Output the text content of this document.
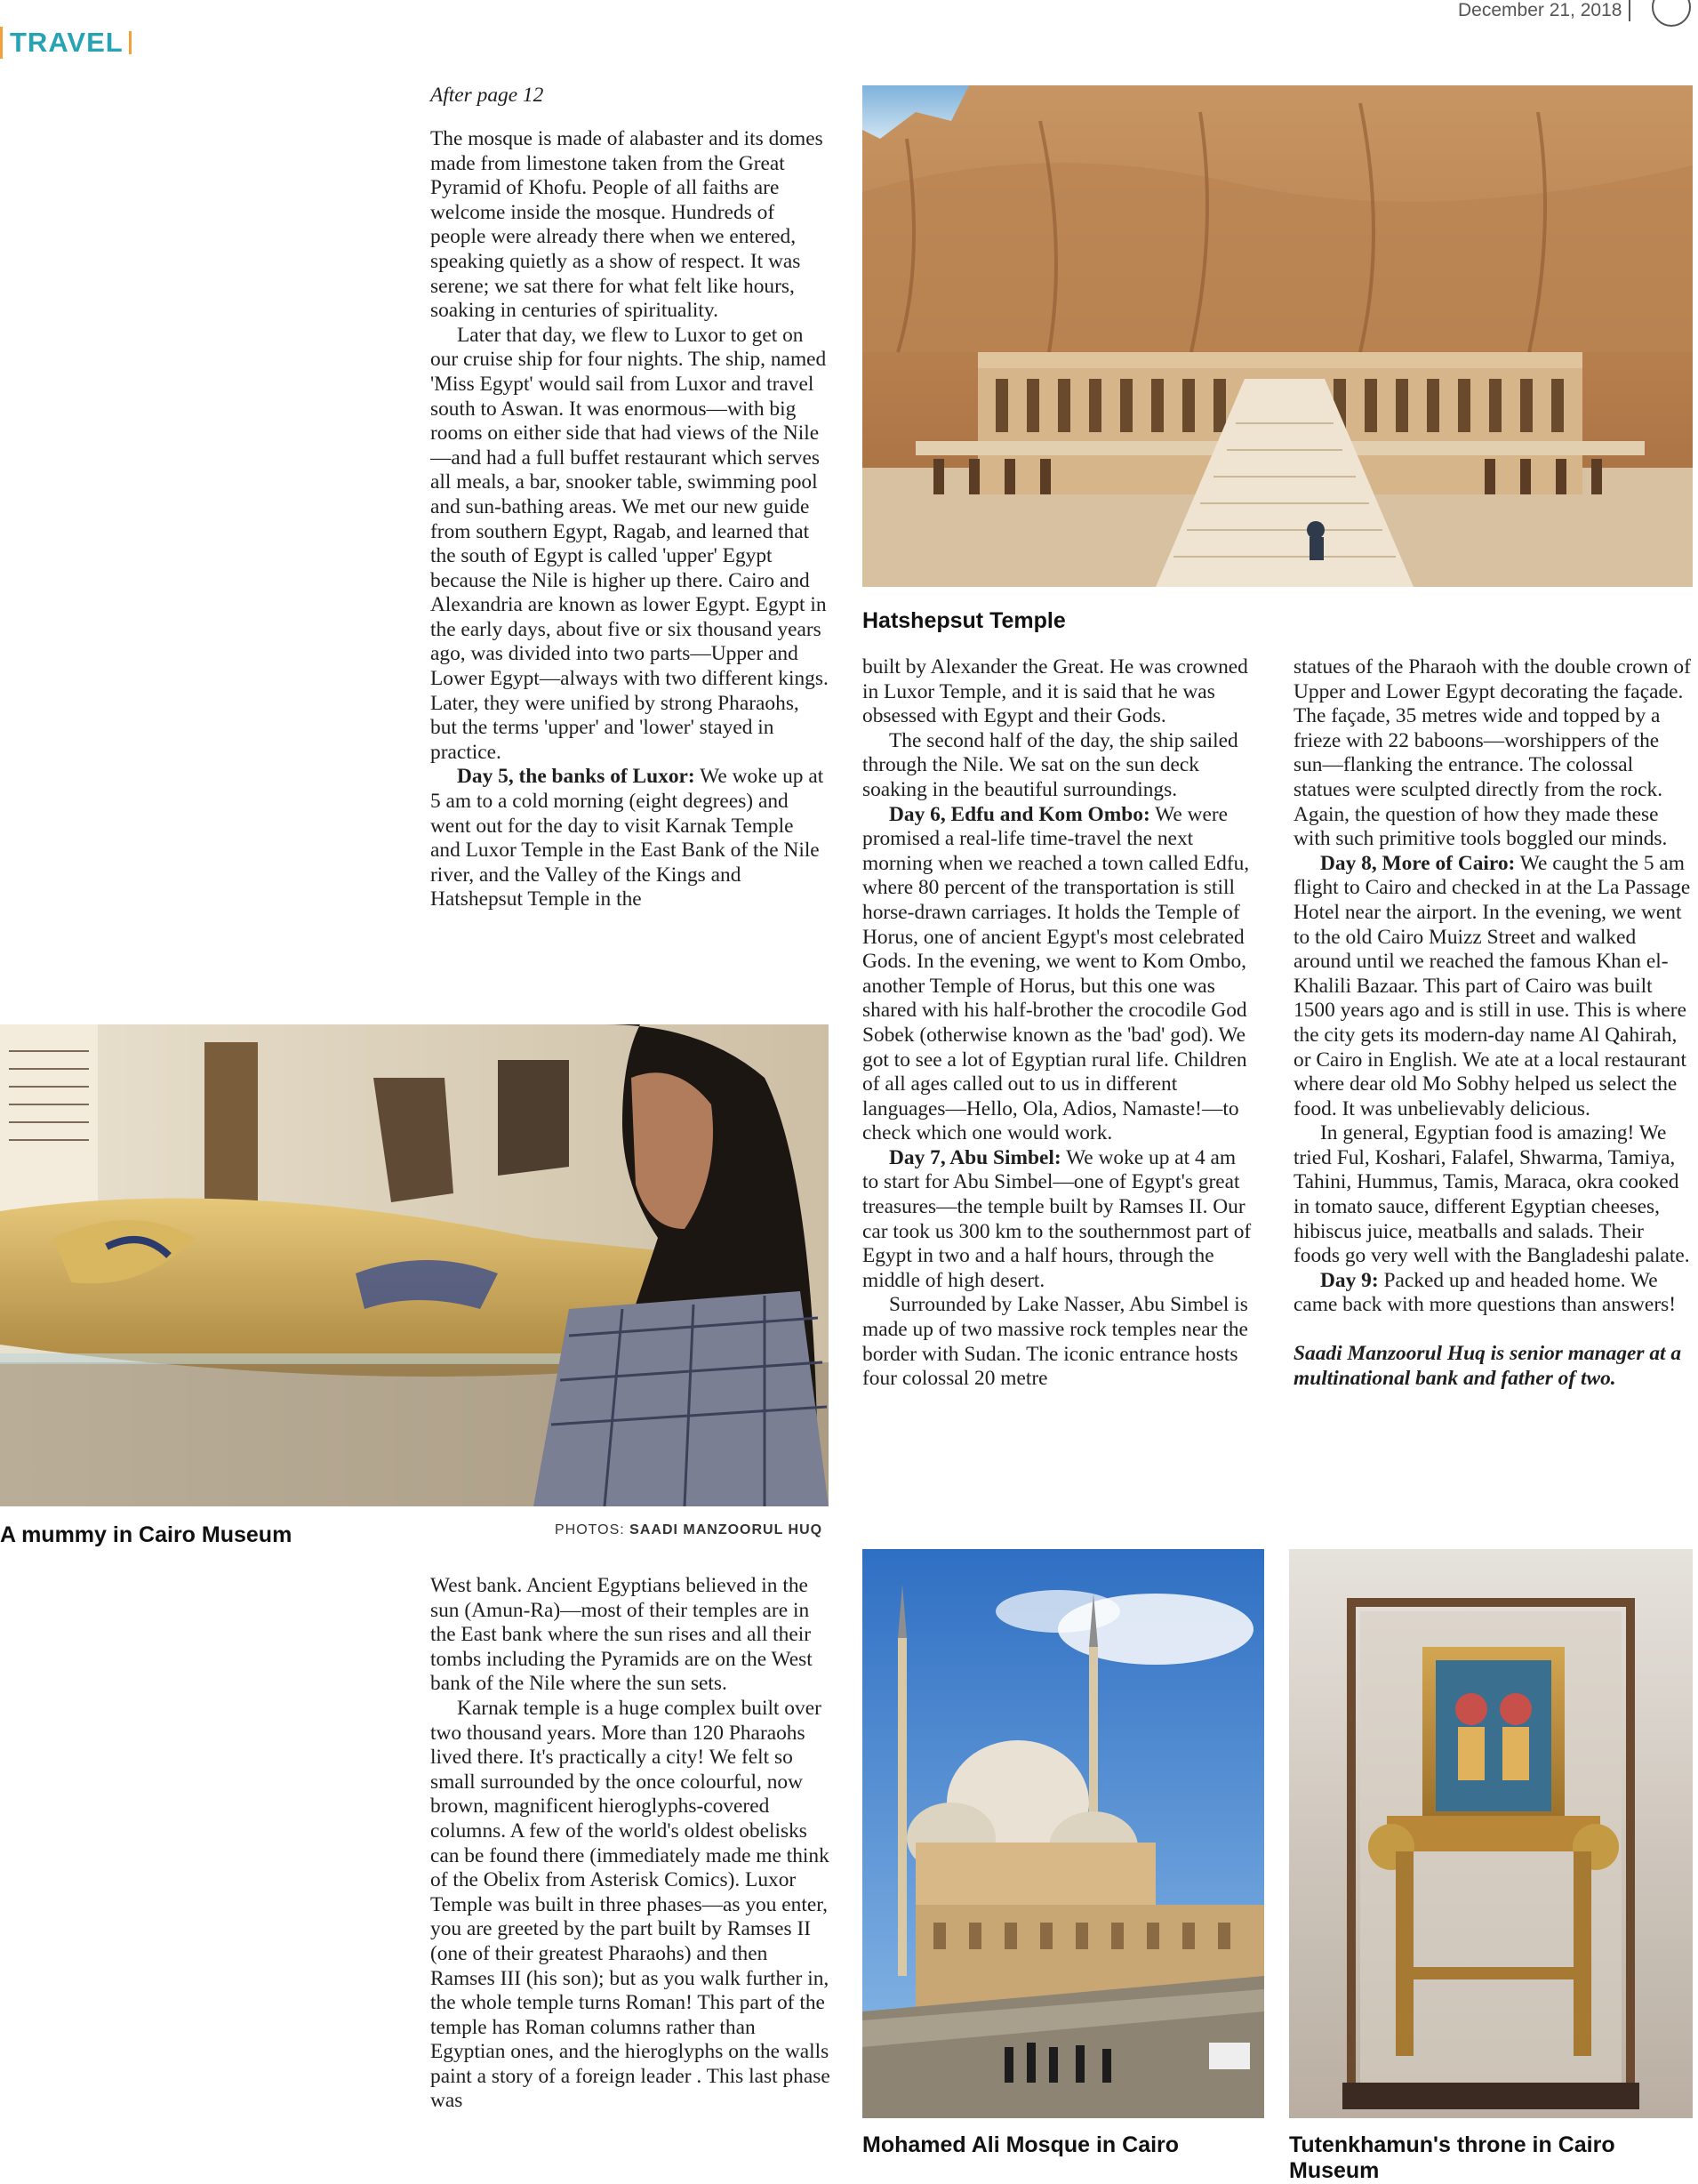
TRAVEL
December 21, 2018
After page 12

The mosque is made of alabaster and its domes made from limestone taken from the Great Pyramid of Khofu. People of all faiths are welcome inside the mosque. Hundreds of people were already there when we entered, speaking quietly as a show of respect. It was serene; we sat there for what felt like hours, soaking in centuries of spirituality.

Later that day, we flew to Luxor to get on our cruise ship for four nights. The ship, named 'Miss Egypt' would sail from Luxor and travel south to Aswan. It was enormous—with big rooms on either side that had views of the Nile—and had a full buffet restaurant which serves all meals, a bar, snooker table, swimming pool and sun-bathing areas. We met our new guide from southern Egypt, Ragab, and learned that the south of Egypt is called 'upper' Egypt because the Nile is higher up there. Cairo and Alexandria are known as lower Egypt. Egypt in the early days, about five or six thousand years ago, was divided into two parts—Upper and Lower Egypt—always with two different kings. Later, they were unified by strong Pharaohs, but the terms 'upper' and 'lower' stayed in practice.

Day 5, the banks of Luxor: We woke up at 5 am to a cold morning (eight degrees) and went out for the day to visit Karnak Temple and Luxor Temple in the East Bank of the Nile river, and the Valley of the Kings and Hatshepsut Temple in the

Hatshepsut Temple

built by Alexander the Great. He was crowned in Luxor Temple, and it is said that he was obsessed with Egypt and their Gods.

The second half of the day, the ship sailed through the Nile. We sat on the sun deck soaking in the beautiful surroundings.

Day 6, Edfu and Kom Ombo: We were promised a real-life time-travel the next morning when we reached a town called Edfu, where 80 percent of the transportation is still horse-drawn carriages. It holds the Temple of Horus, one of ancient Egypt's most celebrated Gods. In the evening, we went to Kom Ombo, another Temple of Horus, but this one was shared with his half-brother the crocodile God Sobek (otherwise known as the 'bad' god). We got to see a lot of Egyptian rural life. Children of all ages called out to us in different languages—Hello, Ola, Adios, Namaste!—to check which one would work.

Day 7, Abu Simbel: We woke up at 4 am to start for Abu Simbel—one of Egypt's great treasures—the temple built by Ramses II. Our car took us 300 km to the southernmost part of Egypt in two and a half hours, through the middle of high desert.

Surrounded by Lake Nasser, Abu Simbel is made up of two massive rock temples near the border with Sudan. The iconic entrance hosts four colossal 20 metre

statues of the Pharaoh with the double crown of Upper and Lower Egypt decorating the façade. The façade, 35 metres wide and topped by a frieze with 22 baboons—worshippers of the sun—flanking the entrance. The colossal statues were sculpted directly from the rock. Again, the question of how they made these with such primitive tools boggled our minds.

Day 8, More of Cairo: We caught the 5 am flight to Cairo and checked in at the La Passage Hotel near the airport. In the evening, we went to the old Cairo Muizz Street and walked around until we reached the famous Khan el-Khalili Bazaar. This part of Cairo was built 1500 years ago and is still in use. This is where the city gets its modern-day name Al Qahirah, or Cairo in English. We ate at a local restaurant where dear old Mo Sobhy helped us select the food. It was unbelievably delicious.

In general, Egyptian food is amazing! We tried Ful, Koshari, Falafel, Shwarma, Tamiya, Tahini, Hummus, Tamis, Maraca, okra cooked in tomato sauce, different Egyptian cheeses, hibiscus juice, meatballs and salads. Their foods go very well with the Bangladeshi palate.

Day 9: Packed up and headed home. We came back with more questions than answers!

Saadi Manzoorul Huq is senior manager at a multinational bank and father of two.

A mummy in Cairo Museum	PHOTOS: SAADI MANZOORUL HUQ

West bank. Ancient Egyptians believed in the sun (Amun-Ra)—most of their temples are in the East bank where the sun rises and all their tombs including the Pyramids are on the West bank of the Nile where the sun sets.

Karnak temple is a huge complex built over two thousand years. More than 120 Pharaohs lived there. It's practically a city! We felt so small surrounded by the once colourful, now brown, magnificent hieroglyphs-covered columns. A few of the world's oldest obelisks can be found there (immediately made me think of the Obelix from Asterisk Comics). Luxor Temple was built in three phases—as you enter, you are greeted by the part built by Ramses II (one of their greatest Pharaohs) and then Ramses III (his son); but as you walk further in, the whole temple turns Roman! This part of the temple has Roman columns rather than Egyptian ones, and the hieroglyphs on the walls paint a story of a foreign leader . This last phase was

Mohamed Ali Mosque in Cairo	Tutenkhamun's throne in Cairo Museum
